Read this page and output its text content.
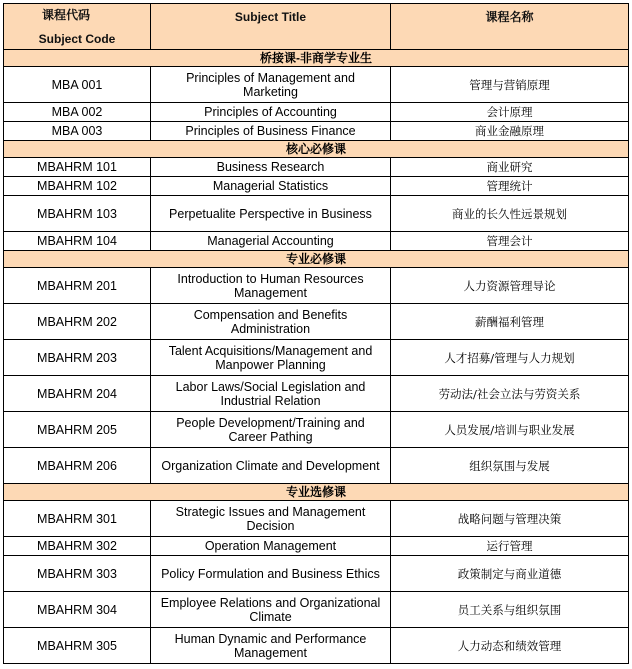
课程代码
Subject Code	Subject Title	课程名称
桥接课-非商学专业生		
MBA 001	Principles of Management and Marketing	管理与营销原理
MBA 002	Principles of Accounting	会计原理
MBA 003	Principles of Business Finance	商业金融原理
核心必修课		
MBAHRM 101	Business Research	商业研究
MBAHRM 102	Managerial Statistics	管理统计
MBAHRM 103	Perpetualite Perspective in Business	商业的长久性远景规划
MBAHRM 104	Managerial Accounting	管理会计
专业必修课		
MBAHRM 201	Introduction to Human Resources Management	人力资源管理导论
MBAHRM 202	Compensation and Benefits Administration	薪酬福利管理
MBAHRM 203	Talent Acquisitions/Management and Manpower Planning	人才招募/管理与人力规划
MBAHRM 204	Labor Laws/Social Legislation and Industrial Relation	劳动法/社会立法与劳资关系
MBAHRM 205	People Development/Training and Career Pathing	人员发展/培训与职业发展
MBAHRM 206	Organization Climate and Development	组织氛围与发展
专业选修课		
MBAHRM 301	Strategic Issues and Management Decision	战略问题与管理决策
MBAHRM 302	Operation Management	运行管理
MBAHRM 303	Policy Formulation and Business Ethics	政策制定与商业道德
MBAHRM 304	Employee Relations and Organizational Climate	员工关系与组织氛围
MBAHRM 305	Human Dynamic and Performance Management	人力动态和绩效管理
